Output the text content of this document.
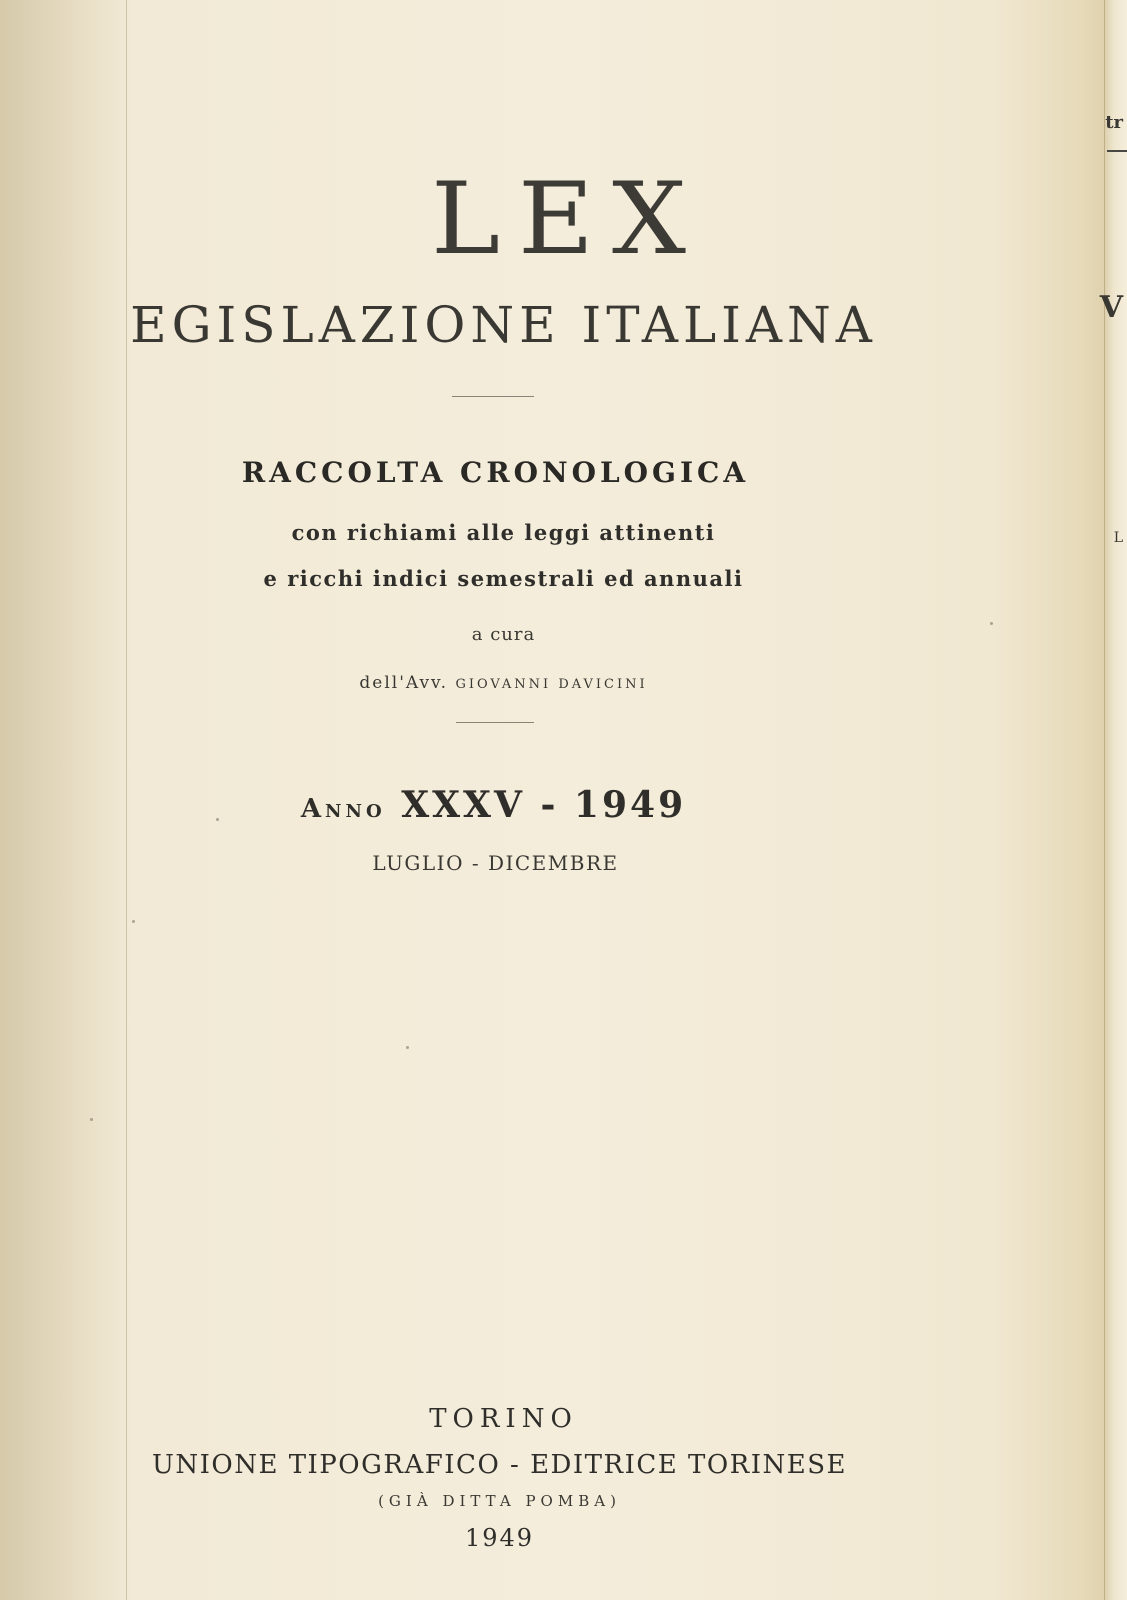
tr
V
L
LEX
EGISLAZIONE ITALIANA
RACCOLTA CRONOLOGICA
con richiami alle leggi attinenti
e ricchi indici semestrali ed annuali
a cura
dell'Avv. GIOVANNI DAVICINI
Anno XXXV - 1949
LUGLIO - DICEMBRE
TORINO
UNIONE TIPOGRAFICO - EDITRICE TORINESE
(GIÀ DITTA POMBA)
1949
